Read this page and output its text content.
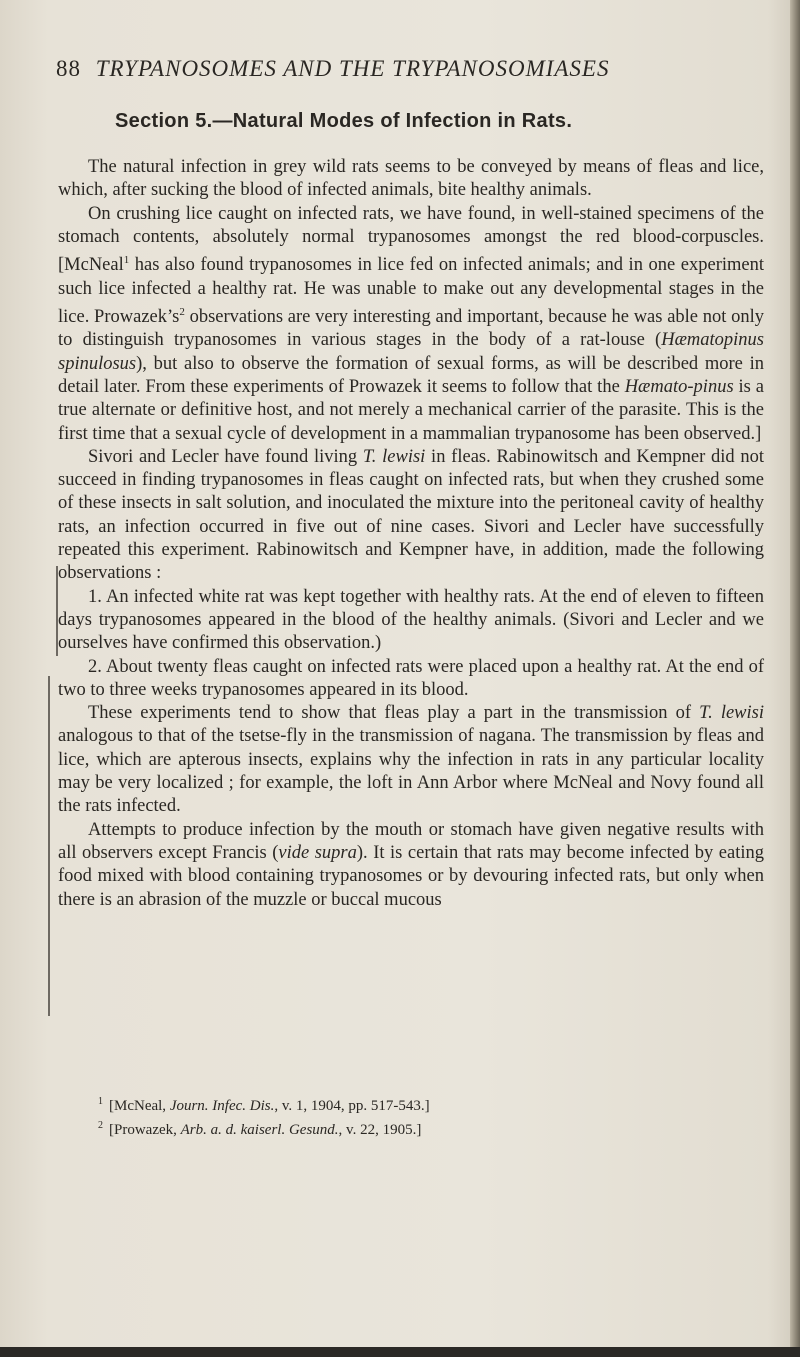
88 TRYPANOSOMES AND THE TRYPANOSOMIASES
Section 5.—Natural Modes of Infection in Rats.

The natural infection in grey wild rats seems to be conveyed by means of fleas and lice, which, after sucking the blood of infected animals, bite healthy animals.

On crushing lice caught on infected rats, we have found, in well-stained specimens of the stomach contents, absolutely normal trypanosomes amongst the red blood-corpuscles. [McNeal$^1$ has also found trypanosomes in lice fed on infected animals; and in one experiment such lice infected a healthy rat. He was unable to make out any developmental stages in the lice. $Prowazek’s^2$ observations are very interesting and important, because he was able not only to distinguish trypanosomes in various stages in the body of a rat-louse (Hæmatopinus spinulosus), but also to observe the formation of sexual forms, as will be described more in detail later. From these experiments of Prowazek it seems to follow that the Hæmato-pinus is a true alternate or definitive host, and not merely a mechanical carrier of the parasite. This is the first time that a sexual cycle of development in a mammalian trypanosome has been observed.]

Sivori and Lecler have found living T. lewisi in fleas. Rabinowitsch and Kempner did not succeed in finding trypanosomes in fleas caught on infected rats, but when they crushed some of these insects in salt solution, and inoculated the mixture into the peritoneal cavity of healthy rats, an infection occurred in five out of nine cases. Sivori and Lecler have successfully repeated this experiment. Rabinowitsch and Kempner have, in addition, made the following observations :

1. An infected white rat was kept together with healthy rats. At the end of eleven to fifteen days trypanosomes appeared in the blood of the healthy animals. (Sivori and Lecler and we ourselves have confirmed this observation.)

2. About twenty fleas caught on infected rats were placed upon a healthy rat. At the end of two to three weeks trypanosomes appeared in its blood.

These experiments tend to show that fleas play a part in the transmission of T. lewisi analogous to that of the tsetse-fly in the transmission of nagana. The transmission by fleas and lice, which are apterous insects, explains why the infection in rats in any particular locality may be very localized ; for example, the loft in Ann Arbor where McNeal and Novy found all the rats infected.

Attempts to produce infection by the mouth or stomach have given negative results with all observers except Francis (vide supra). It is certain that rats may become infected by eating food mixed with blood containing trypanosomes or by devouring infected rats, but only when there is an abrasion of the muzzle or buccal mucous

$^1$ [McNeal, Journ. Infec. Dis., v. 1, 1904, pp. 517-543.]

$^2$ [Prowazek, Arb. a. d. kaiserl. Gesund., v. 22, 1905.]
